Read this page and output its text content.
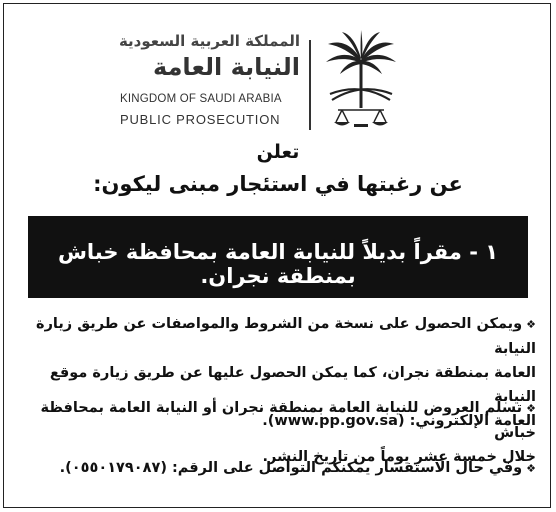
المملكة العربية السعودية
النيابة العامة
KINGDOM OF SAUDI ARABIA
PUBLIC PROSECUTION
تعلن
عن رغبتها في استئجار مبنى ليكون:
١ - مقراً بديلاً للنيابة العامة بمحافظة خباش بمنطقة نجران.
❖ويمكن الحصول على نسخة من الشروط والمواصفات عن طريق زيارة النيابة
العامة بمنطقة نجران، كما يمكن الحصول عليها عن طريق زيارة موقع النيابة
العامة الإلكتروني: (www.pp.gov.sa).
❖تسلم العروض للنيابة العامة بمنطقة نجران أو النيابة العامة بمحافظة خباش
خلال خمسة عشر يوماً من تاريخ النشر.
❖وفي حال الاستفسار يمكنكم التواصل على الرقم: (٠٥٥٠١٧٩٠٨٧).
